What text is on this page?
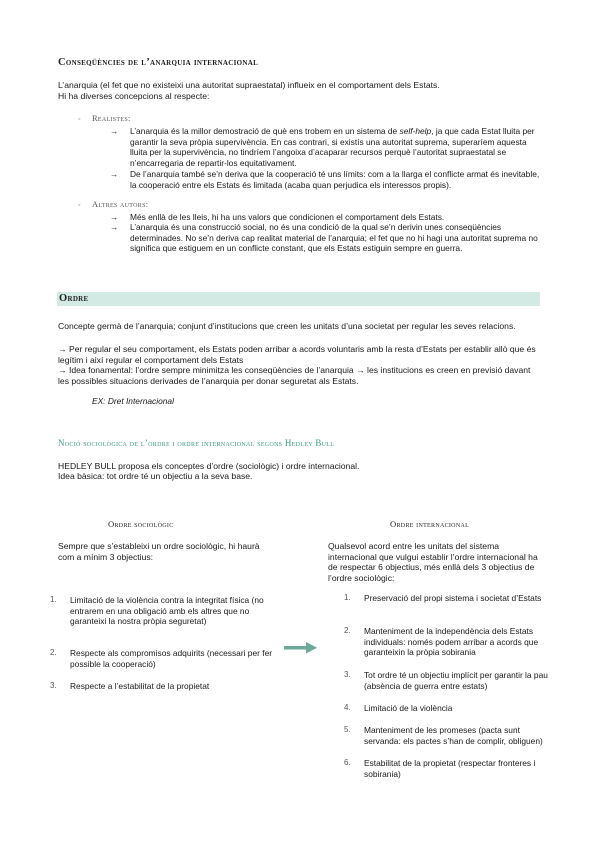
Conseqüències de l’anarquia internacional
L’anarquia (el fet que no existeixi una autoritat supraestatal) influeix en el comportament dels Estats.
Hi ha diverses concepcions al respecte:
◦ Realistes:
→	L’anarquia és la millor demostració de què ens trobem en un sistema de self-help, ja que cada Estat lluita per garantir la seva pròpia supervivència. En cas contrari, si existís una autoritat suprema, superaríem aquesta lluita per la supervivència, no tindríem l’angoixa d’acaparar recursos perquè l’autoritat supraestatal se n’encarregaria de repartir-los equitativament.
→	De l’anarquia també se’n deriva que la cooperació té uns límits: com a la llarga el conflicte armat és inevitable, la cooperació entre els Estats és limitada (acaba quan perjudica els interessos propis).
◦ Altres autors:
→	Més enllà de les lleis, hi ha uns valors que condicionen el comportament dels Estats.
→	L’anarquia és una construcció social, no és una condició de la qual se’n derivin unes conseqüències determinades. No se’n deriva cap realitat material de l’anarquia; el fet que no hi hagi una autoritat suprema no significa que estiguem en un conflicte constant, que els Estats estiguin sempre en guerra.
Ordre
Concepte germà de l’anarquia; conjunt d’institucions que creen les unitats d’una societat per regular les seves relacions.
→ Per regular el seu comportament, els Estats poden arribar a acords voluntaris amb la resta d’Estats per establir allò que és legítim i així regular el comportament dels Estats
→ Idea fonamental: l’ordre sempre minimitza les conseqüències de l’anarquia → les institucions es creen en previsió davant les possibles situacions derivades de l’anarquia per donar seguretat als Estats.
EX: Dret Internacional
Noció sociològica de l’ordre i ordre internacional segons Hedley Bull
HEDLEY BULL proposa els conceptes d’ordre (sociològic) i ordre internacional.
Idea bàsica: tot ordre té un objectiu a la seva base.
Ordre sociològic
Sempre que s’estableixi un ordre sociològic, hi haurà com a mínim 3 objectius:
1. Limitació de la violència contra la integritat física (no entrarem en una obligació amb els altres que no garanteixi la nostra pròpia seguretat)
2. Respecte als compromisos adquirits (necessari per fer possible la cooperació)
3. Respecte a l’estabilitat de la propietat
Ordre internacional
Qualsevol acord entre les unitats del sistema internacional que vulgui establir l’ordre internacional ha de respectar 6 objectius, més enllà dels 3 objectius de l’ordre sociològic:
1. Preservació del propi sistema i societat d’Estats
2. Manteniment de la independència dels Estats individuals: només podem arribar a acords que garanteixin la pròpia sobirania
3. Tot ordre té un objectiu implícit per garantir la pau (absència de guerra entre estats)
4. Limitació de la violència
5. Manteniment de les promeses (pacta sunt servanda: els pactes s’han de complir, obliguen)
6. Estabilitat de la propietat (respectar fronteres i sobirania)
